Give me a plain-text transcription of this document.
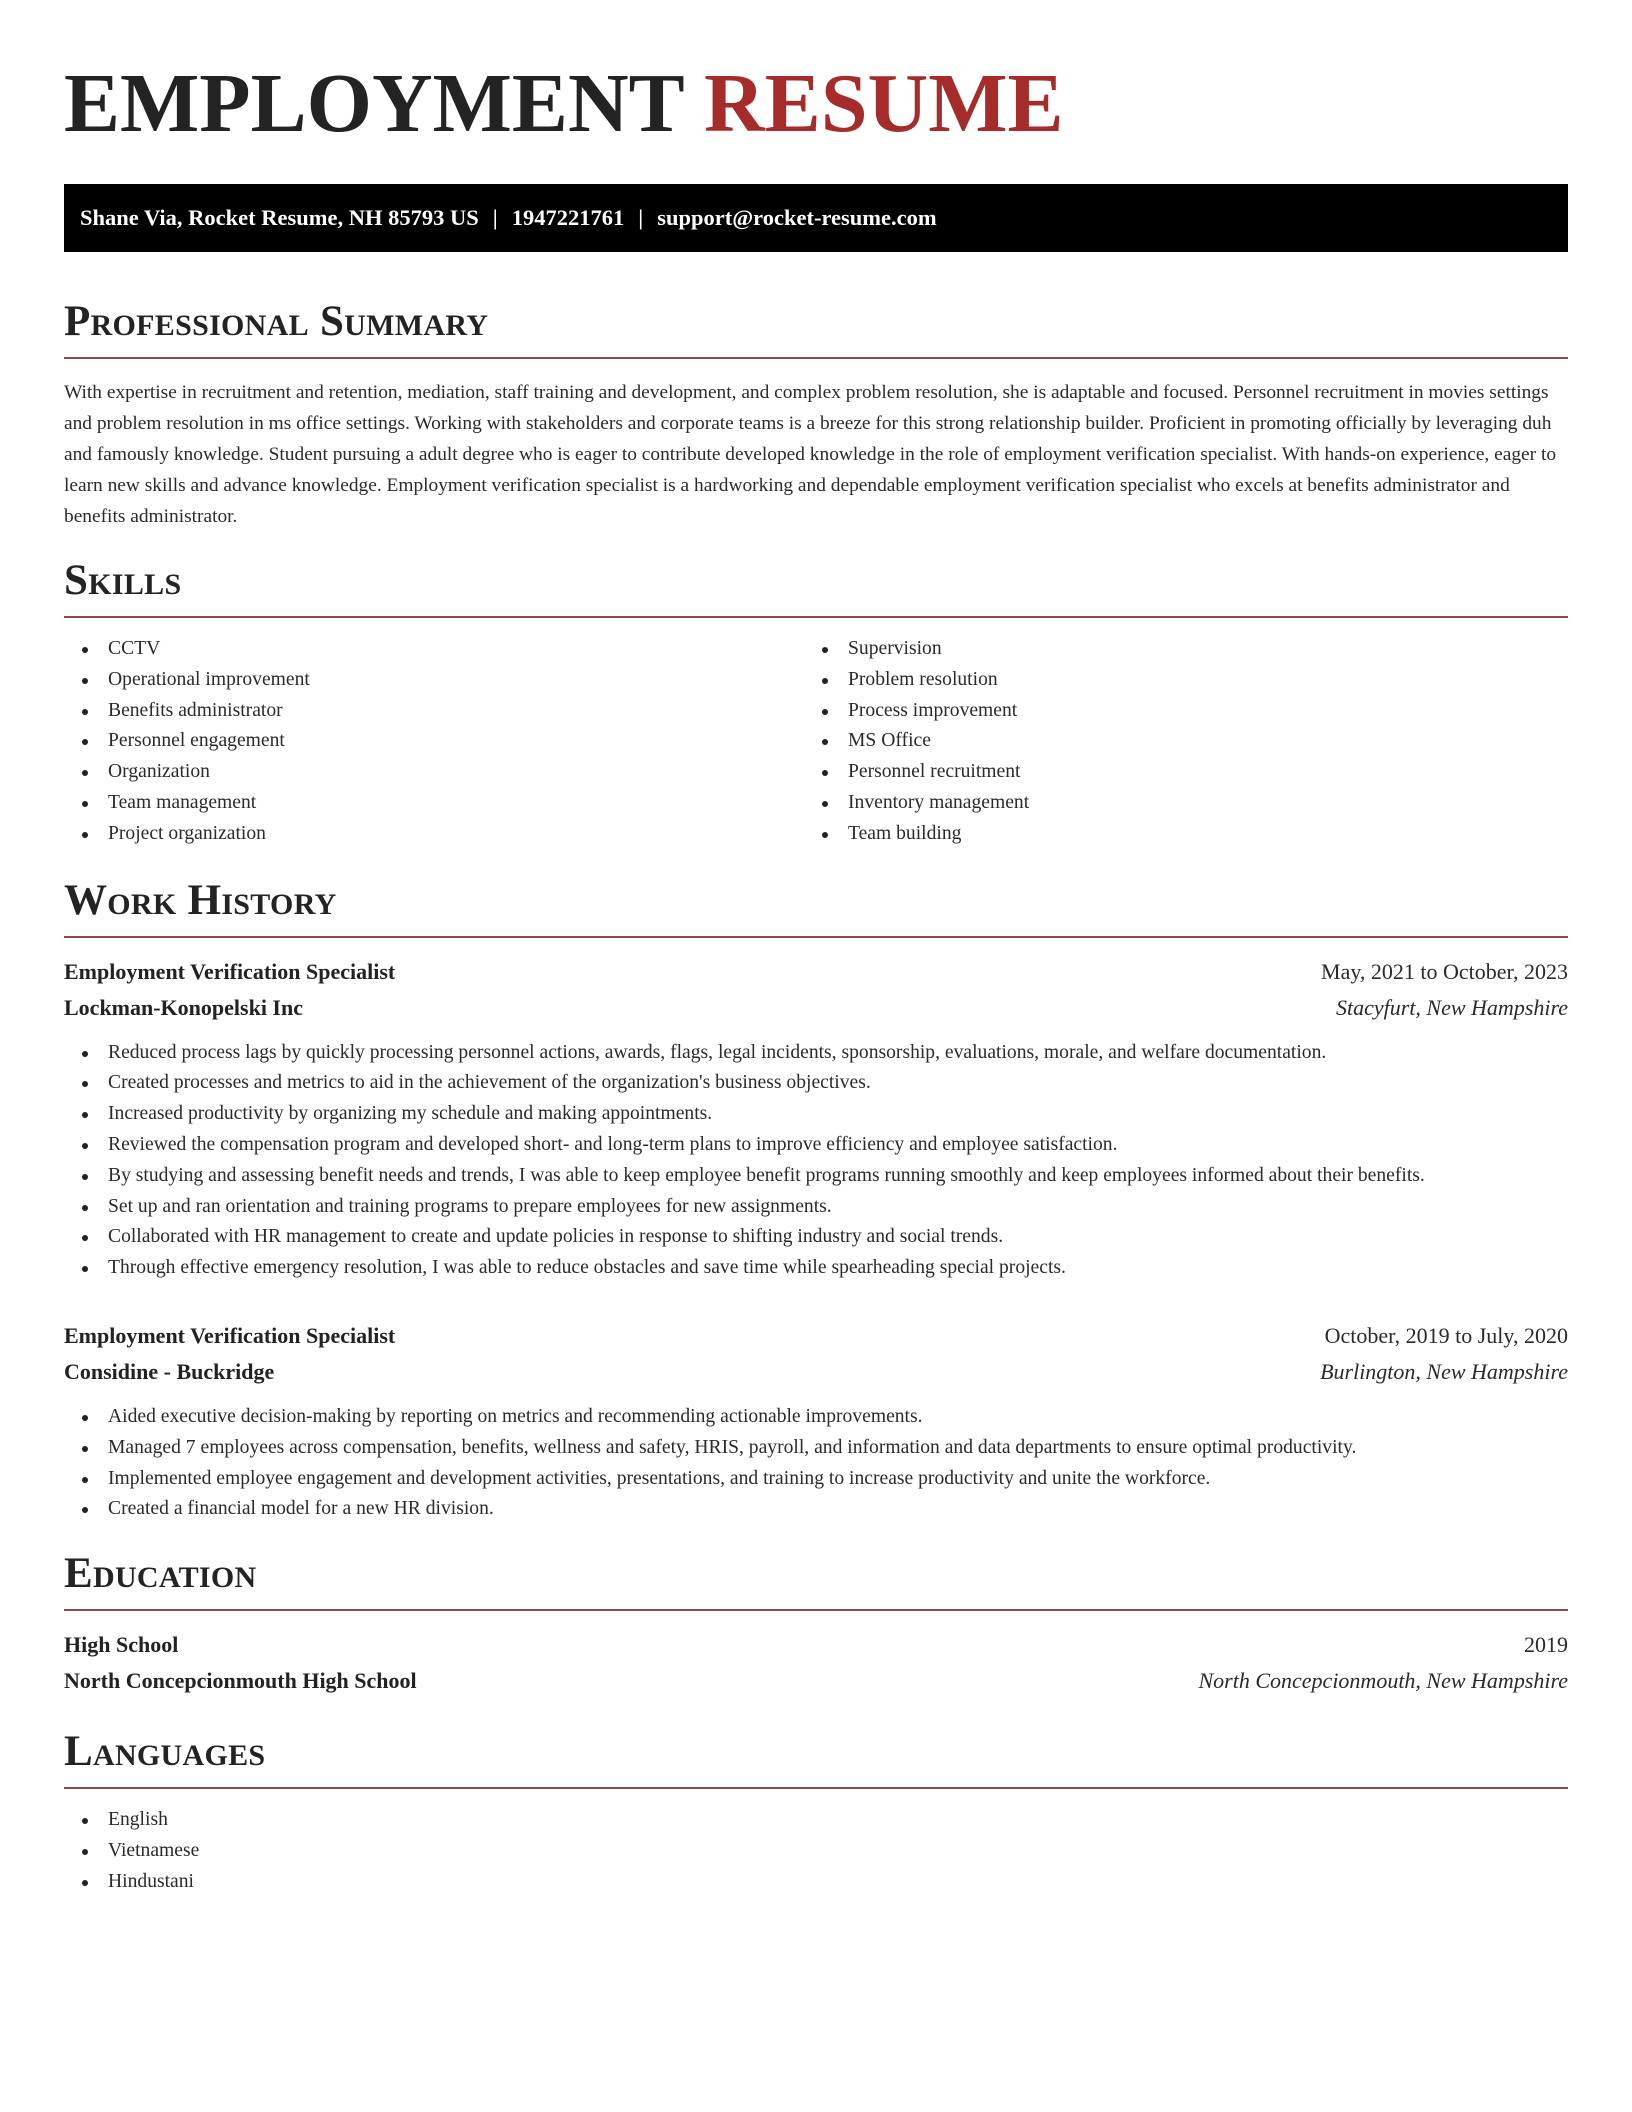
EMPLOYMENT RESUME
Shane Via, Rocket Resume, NH 85793 US | 1947221761 | support@rocket-resume.com
Professional Summary

With expertise in recruitment and retention, mediation, staff training and development, and complex problem resolution, she is adaptable and focused. Personnel recruitment in movies settings and problem resolution in ms office settings. Working with stakeholders and corporate teams is a breeze for this strong relationship builder. Proficient in promoting officially by leveraging duh and famously knowledge. Student pursuing a adult degree who is eager to contribute developed knowledge in the role of employment verification specialist. With hands-on experience, eager to learn new skills and advance knowledge. Employment verification specialist is a hardworking and dependable employment verification specialist who excels at benefits administrator and benefits administrator.

Skills
CCTV
Operational improvement
Benefits administrator
Personnel engagement
Organization
Team management
Project organization
Supervision
Problem resolution
Process improvement
MS Office
Personnel recruitment
Inventory management
Team building
Work History
Employment Verification Specialist	May, 2021 to October, 2023
Lockman-Konopelski Inc	Stacyfurt, New Hampshire
Reduced process lags by quickly processing personnel actions, awards, flags, legal incidents, sponsorship, evaluations, morale, and welfare documentation.
Created processes and metrics to aid in the achievement of the organization's business objectives.
Increased productivity by organizing my schedule and making appointments.
Reviewed the compensation program and developed short- and long-term plans to improve efficiency and employee satisfaction.
By studying and assessing benefit needs and trends, I was able to keep employee benefit programs running smoothly and keep employees informed about their benefits.
Set up and ran orientation and training programs to prepare employees for new assignments.
Collaborated with HR management to create and update policies in response to shifting industry and social trends.
Through effective emergency resolution, I was able to reduce obstacles and save time while spearheading special projects.
Employment Verification Specialist	October, 2019 to July, 2020
Considine - Buckridge	Burlington, New Hampshire
Aided executive decision-making by reporting on metrics and recommending actionable improvements.
Managed 7 employees across compensation, benefits, wellness and safety, HRIS, payroll, and information and data departments to ensure optimal productivity.
Implemented employee engagement and development activities, presentations, and training to increase productivity and unite the workforce.
Created a financial model for a new HR division.
Education
High School	2019
North Concepcionmouth High School	North Concepcionmouth, New Hampshire
Languages
English
Vietnamese
Hindustani
